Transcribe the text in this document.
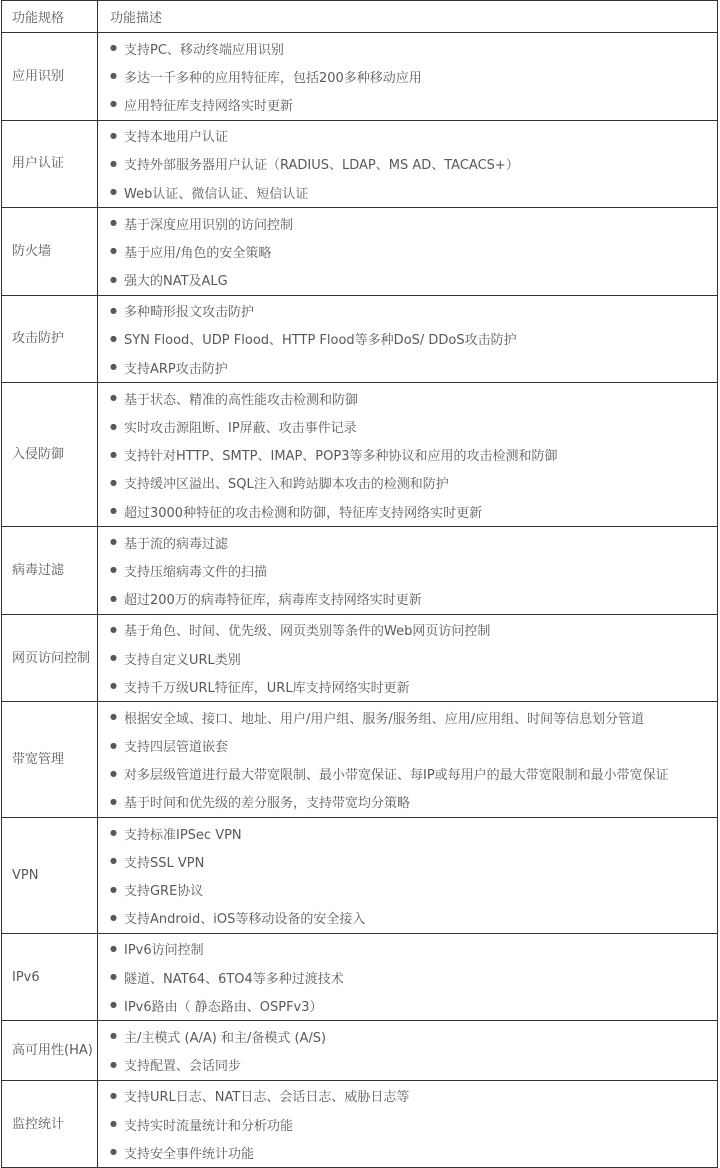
功能规格	功能描述
应用识别	
● 支持PC、移动终端应用识别
● 多达一千多种的应用特征库，包括200多种移动应用
● 应用特征库支持网络实时更新

用户认证	
● 支持本地用户认证
● 支持外部服务器用户认证（RADIUS、LDAP、MS AD、TACACS+）
● Web认证、微信认证、短信认证

防火墙	
● 基于深度应用识别的访问控制
● 基于应用/角色的安全策略
● 强大的NAT及ALG

攻击防护	
● 多种畸形报文攻击防护
● SYN Flood、UDP Flood、HTTP Flood等多种DoS/ DDoS攻击防护
● 支持ARP攻击防护

入侵防御	
● 基于状态、精准的高性能攻击检测和防御
● 实时攻击源阻断、IP屏蔽、攻击事件记录
● 支持针对HTTP、SMTP、IMAP、POP3等多种协议和应用的攻击检测和防御
● 支持缓冲区溢出、SQL注入和跨站脚本攻击的检测和防护
● 超过3000种特征的攻击检测和防御，特征库支持网络实时更新

病毒过滤	
● 基于流的病毒过滤
● 支持压缩病毒文件的扫描
● 超过200万的病毒特征库，病毒库支持网络实时更新

网页访问控制	
● 基于角色、时间、优先级、网页类别等条件的Web网页访问控制
● 支持自定义URL类别
● 支持千万级URL特征库，URL库支持网络实时更新

带宽管理	
● 根据安全域、接口、地址、用户/用户组、服务/服务组、应用/应用组、时间等信息划分管道
● 支持四层管道嵌套
● 对多层级管道进行最大带宽限制、最小带宽保证、每IP或每用户的最大带宽限制和最小带宽保证
● 基于时间和优先级的差分服务，支持带宽均分策略

VPN	
● 支持标准IPSec VPN
● 支持SSL VPN
● 支持GRE协议
● 支持Android、iOS等移动设备的安全接入

IPv6	
● IPv6访问控制
● 隧道、NAT64、6TO4等多种过渡技术
● IPv6路由（ 静态路由、OSPFv3）

高可用性(HA)	
● 主/主模式 (A/A) 和主/备模式 (A/S)
● 支持配置、会话同步

监控统计	
● 支持URL日志、NAT日志、会话日志、威胁日志等
● 支持实时流量统计和分析功能
● 支持安全事件统计功能
